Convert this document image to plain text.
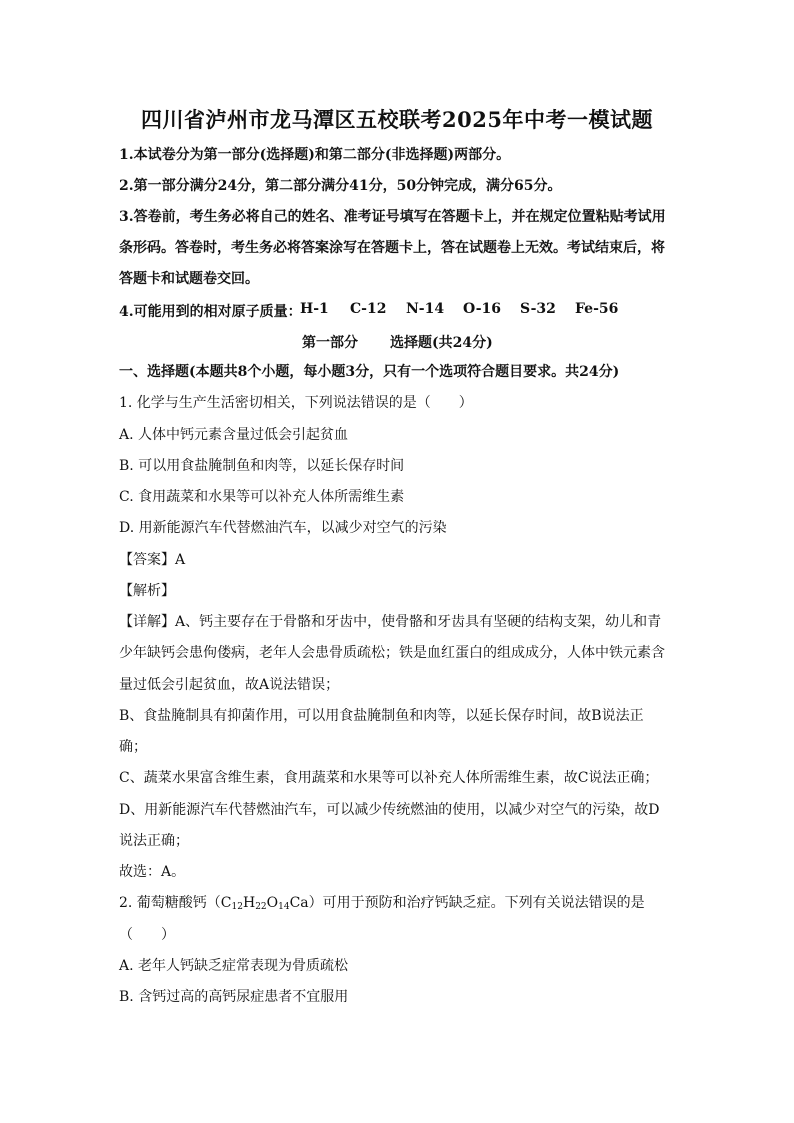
四川省泸州市龙马潭区五校联考2025年中考一模试题
1.本试卷分为第一部分(选择题)和第二部分(非选择题)两部分。
2.第一部分满分24分，第二部分满分41分，50分钟完成，满分65分。
3.答卷前，考生务必将自己的姓名、准考证号填写在答题卡上，并在规定位置粘贴考试用
条形码。答卷时，考生务必将答案涂写在答题卡上，答在试题卷上无效。考试结束后，将
答题卡和试题卷交回。
4.可能用到的相对原子质量：
H-1 C-12 N-14 O-16 S-32 Fe-56
第一部分 选择题(共24分)
一、选择题(本题共8个小题，每小题3分，只有一个选项符合题目要求。共24分)
1. 化学与生产生活密切相关，下列说法错误的是（　　）
A. 人体中钙元素含量过低会引起贫血
B. 可以用食盐腌制鱼和肉等，以延长保存时间
C. 食用蔬菜和水果等可以补充人体所需维生素
D. 用新能源汽车代替燃油汽车，以减少对空气的污染
【答案】A
【解析】
【详解】A、钙主要存在于骨骼和牙齿中，使骨骼和牙齿具有坚硬的结构支架，幼儿和青
少年缺钙会患佝偻病，老年人会患骨质疏松；铁是血红蛋白的组成成分，人体中铁元素含
量过低会引起贫血，故A说法错误；
B、食盐腌制具有抑菌作用，可以用食盐腌制鱼和肉等，以延长保存时间，故B说法正
确；
C、蔬菜水果富含维生素，食用蔬菜和水果等可以补充人体所需维生素，故C说法正确；
D、用新能源汽车代替燃油汽车，可以减少传统燃油的使用，以减少对空气的污染，故D
说法正确；
故选：A。
2. 葡萄糖酸钙$(C_{12}H_{22}O_{14}Ca)$可用于预防和治疗钙缺乏症。下列有关说法错误的是
（　　）
A. 老年人钙缺乏症常表现为骨质疏松
B. 含钙过高的高钙尿症患者不宜服用
